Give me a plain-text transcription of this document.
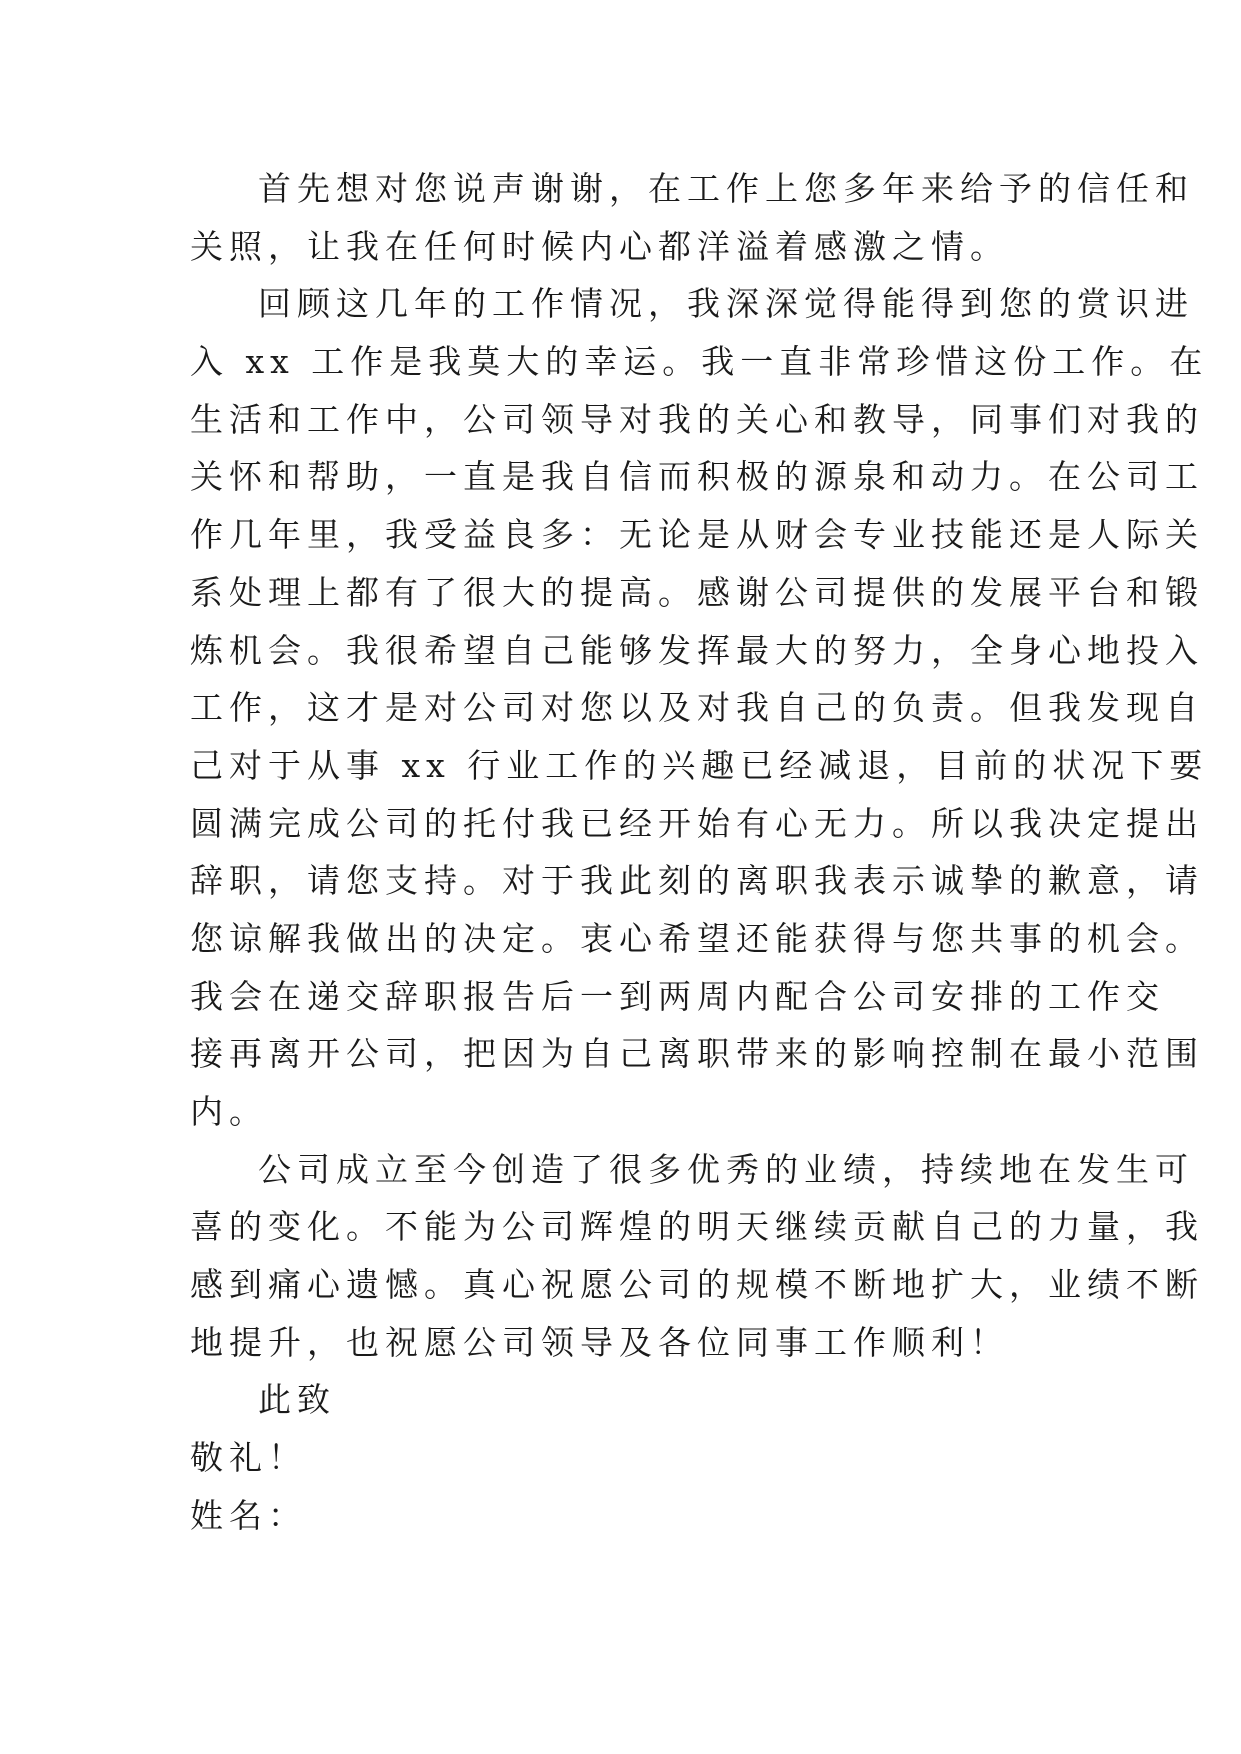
首先想对您说声谢谢，在工作上您多年来给予的信任和
关照，让我在任何时候内心都洋溢着感激之情。
回顾这几年的工作情况，我深深觉得能得到您的赏识进
入 xx 工作是我莫大的幸运。我一直非常珍惜这份工作。在
生活和工作中，公司领导对我的关心和教导，同事们对我的
关怀和帮助，一直是我自信而积极的源泉和动力。在公司工
作几年里，我受益良多：无论是从财会专业技能还是人际关
系处理上都有了很大的提高。感谢公司提供的发展平台和锻
炼机会。我很希望自己能够发挥最大的努力，全身心地投入
工作，这才是对公司对您以及对我自己的负责。但我发现自
己对于从事 xx 行业工作的兴趣已经减退，目前的状况下要
圆满完成公司的托付我已经开始有心无力。所以我决定提出
辞职，请您支持。对于我此刻的离职我表示诚挚的歉意，请
您谅解我做出的决定。衷心希望还能获得与您共事的机会。
我会在递交辞职报告后一到两周内配合公司安排的工作交
接再离开公司，把因为自己离职带来的影响控制在最小范围
内。
公司成立至今创造了很多优秀的业绩，持续地在发生可
喜的变化。不能为公司辉煌的明天继续贡献自己的力量，我
感到痛心遗憾。真心祝愿公司的规模不断地扩大，业绩不断
地提升，也祝愿公司领导及各位同事工作顺利！
此致
敬礼！
姓名：
